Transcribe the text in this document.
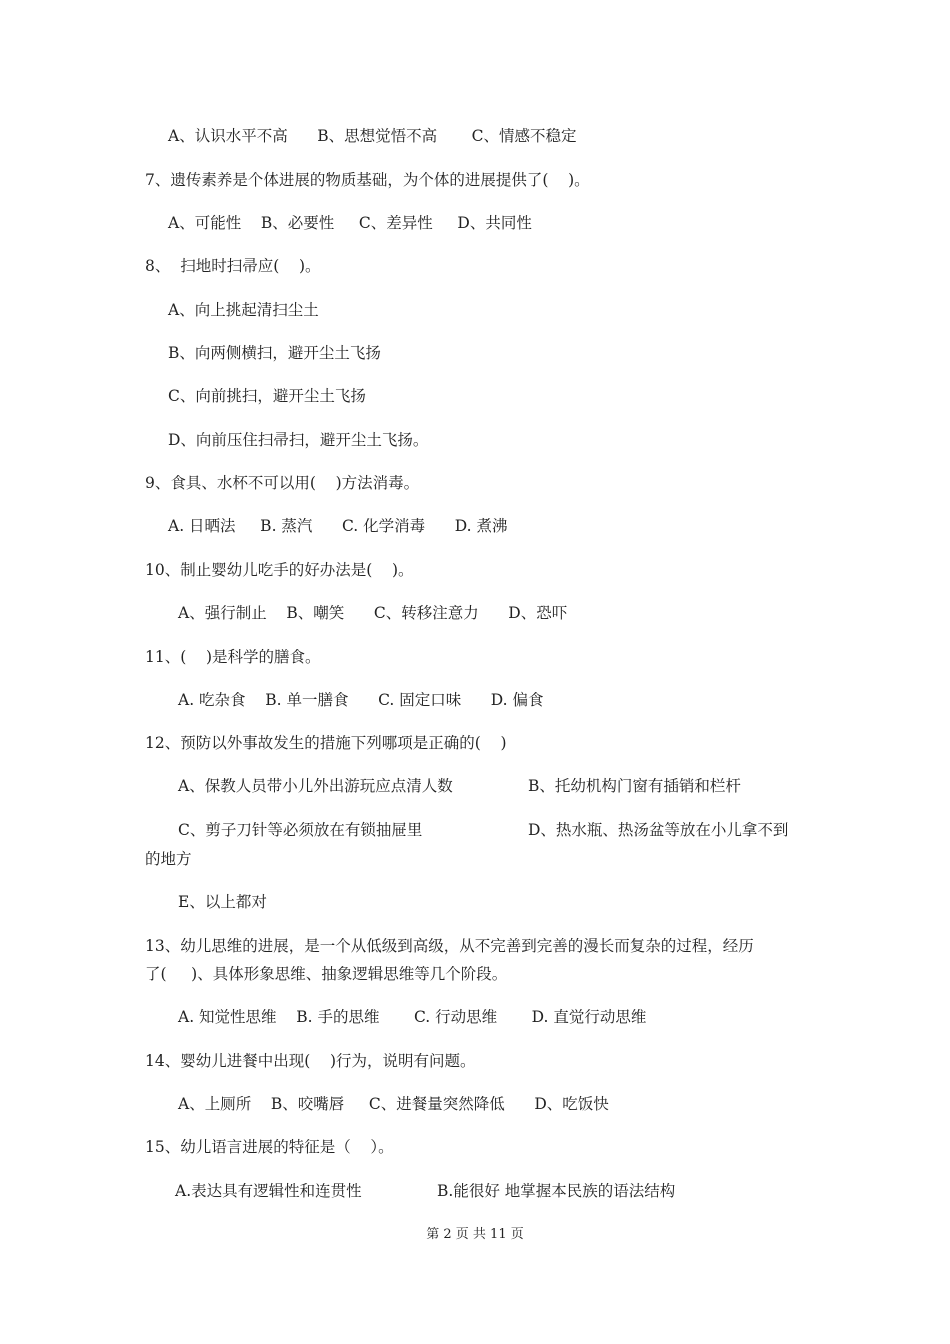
A、认识水平不高      B、思想觉悟不高       C、情感不稳定
7、遗传素养是个体进展的物质基础，为个体的进展提供了(    )。
A、可能性    B、必要性     C、差异性     D、共同性
8、  扫地时扫帚应(    )。
A、向上挑起清扫尘土
B、向两侧横扫，避开尘土飞扬
C、向前挑扫，避开尘土飞扬
D、向前压住扫帚扫，避开尘土飞扬。
9、食具、水杯不可以用(    )方法消毒。
A. 日晒法     B. 蒸汽      C. 化学消毒      D. 煮沸
10、制止婴幼儿吃手的好办法是(    )。
A、强行制止    B、嘲笑      C、转移注意力      D、恐吓
11、(    )是科学的膳食。
A. 吃杂食    B. 单一膳食      C. 固定口味      D. 偏食
12、预防以外事故发生的措施下列哪项是正确的(    )
A、保教人员带小儿外出游玩应点清人数	B、托幼机构门窗有插销和栏杆
C、剪子刀针等必须放在有锁抽屉里	D、热水瓶、热汤盆等放在小儿拿不到
的地方
E、以上都对
13、幼儿思维的进展，是一个从低级到高级，从不完善到完善的漫长而复杂的过程，经历
了(     )、具体形象思维、抽象逻辑思维等几个阶段。
A. 知觉性思维    B. 手的思维       C. 行动思维       D. 直觉行动思维
14、婴幼儿进餐中出现(    )行为，说明有问题。
A、上厕所    B、咬嘴唇     C、进餐量突然降低      D、吃饭快
15、幼儿语言进展的特征是（    ）。
A.表达具有逻辑性和连贯性	B.能很好 地掌握本民族的语法结构
第 2 页 共 11 页
